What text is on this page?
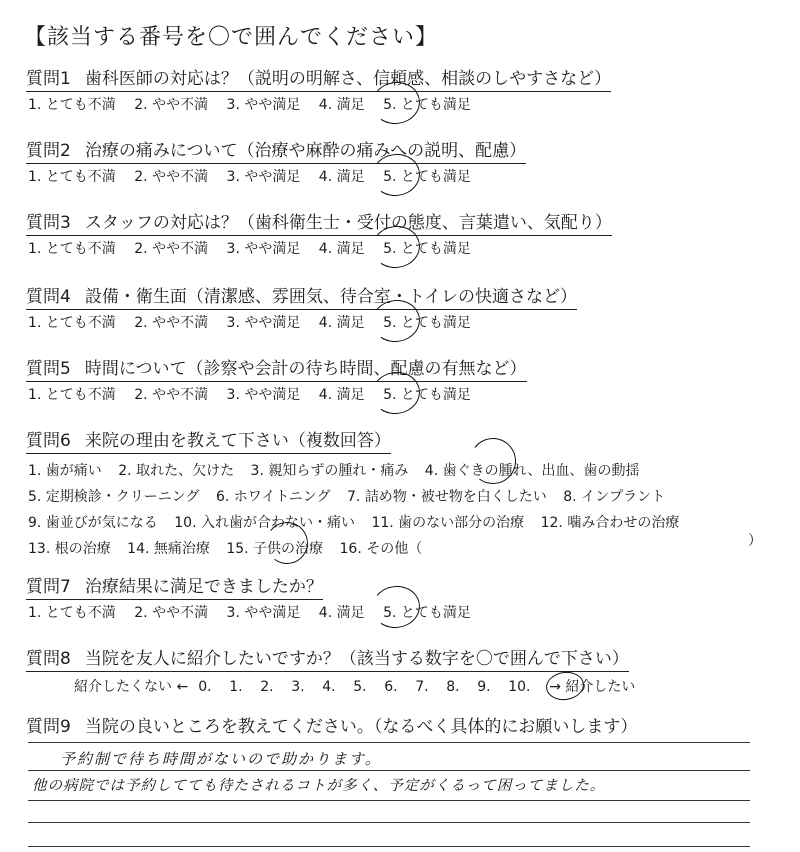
【該当する番号を〇で囲んでください】
質問1 歯科医師の対応は？（説明の明解さ、信頼感、相談のしやすさなど）
1. とても不満 2. やや不満 3. やや満足 4. 満足 5. とても満足
質問2 治療の痛みについて（治療や麻酔の痛みへの説明、配慮）
1. とても不満 2. やや不満 3. やや満足 4. 満足 5. とても満足
質問3 スタッフの対応は？（歯科衛生士・受付の態度、言葉遣い、気配り）
1. とても不満 2. やや不満 3. やや満足 4. 満足 5. とても満足
質問4 設備・衛生面（清潔感、雰囲気、待合室・トイレの快適さなど）
1. とても不満 2. やや不満 3. やや満足 4. 満足 5. とても満足
質問5 時間について（診察や会計の待ち時間、配慮の有無など）
1. とても不満 2. やや不満 3. やや満足 4. 満足 5. とても満足
質問6 来院の理由を教えて下さい（複数回答）
1. 歯が痛い 2. 取れた、欠けた 3. 親知らずの腫れ・痛み 4. 歯ぐきの腫れ、出血、歯の動揺
5. 定期検診・クリーニング 6. ホワイトニング 7. 詰め物・被せ物を白くしたい 8. インプラント
9. 歯並びが気になる 10. 入れ歯が合わない・痛い 11. 歯のない部分の治療 12. 噛み合わせの治療
13. 根の治療 14. 無痛治療 15. 子供の治療 16. その他（	）
質問7 治療結果に満足できましたか？
1. とても不満 2. やや不満 3. やや満足 4. 満足 5. とても満足
質問8 当院を友人に紹介したいですか？（該当する数字を〇で囲んで下さい）
紹介したくない ← 0. 1. 2. 3. 4. 5. 6. 7. 8. 9. 10. → 紹介したい
質問9 当院の良いところを教えてください。（なるべく具体的にお願いします）
予約制で待ち時間がないので助かります。
他の病院では予約してても待たされるコトが多く、予定がくるって困ってました。
